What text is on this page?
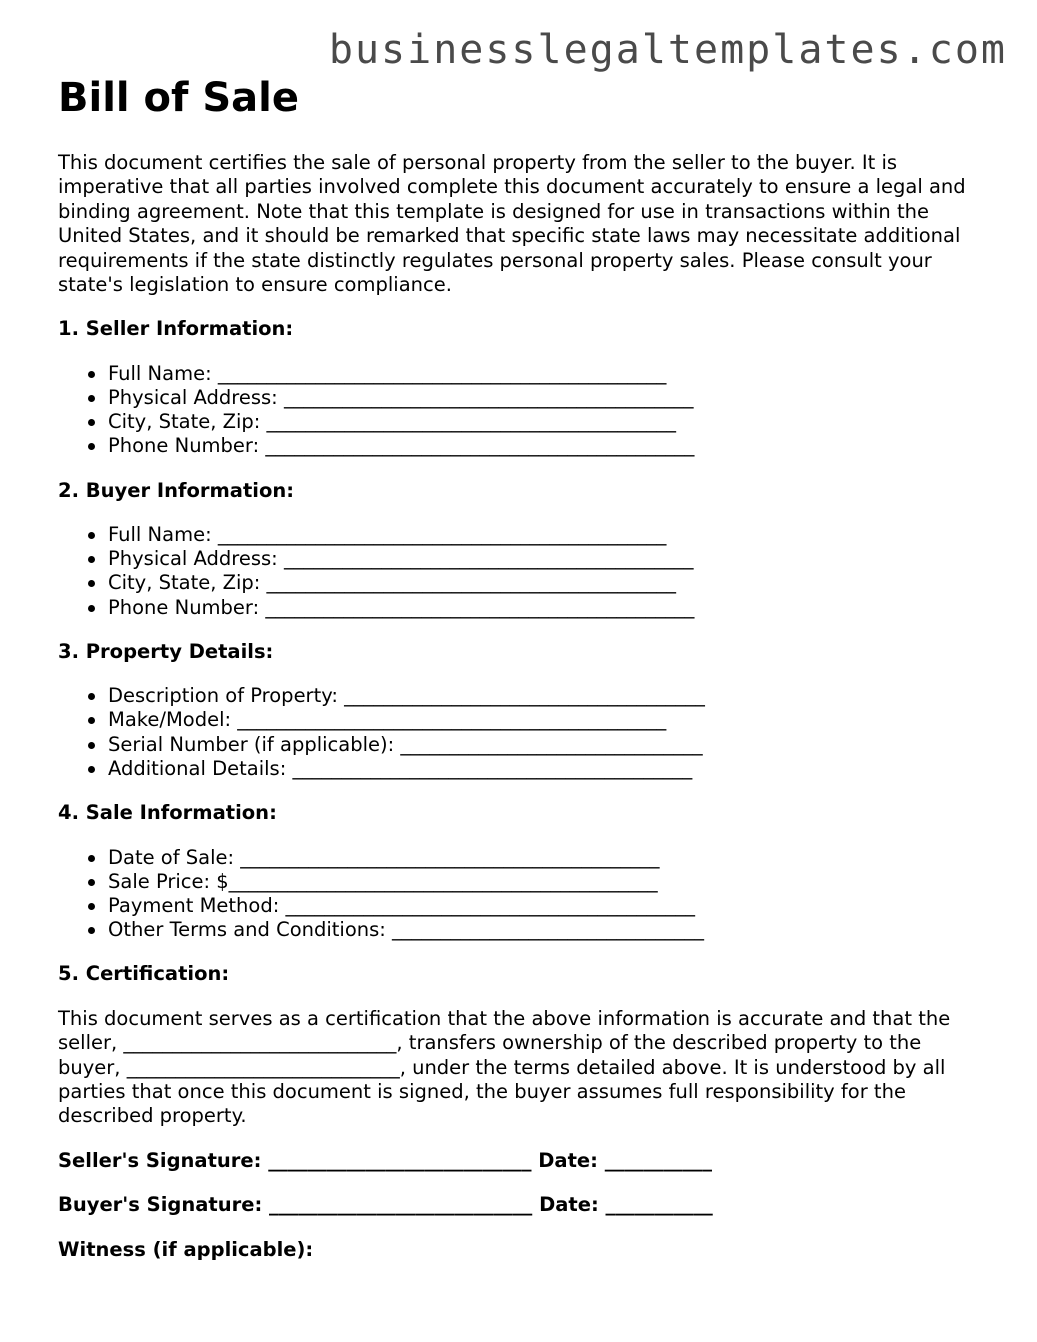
businesslegaltemplates.com
Bill of Sale

This document certifies the sale of personal property from the seller to the buyer. It is imperative that all parties involved complete this document accurately to ensure a legal and binding agreement. Note that this template is designed for use in transactions within the United States, and it should be remarked that specific state laws may necessitate additional requirements if the state distinctly regulates personal property sales. Please consult your state's legislation to ensure compliance.

1. Seller Information:
Full Name: ______________________________________________
Physical Address: __________________________________________
City, State, Zip: __________________________________________
Phone Number: ____________________________________________
2. Buyer Information:
Full Name: ______________________________________________
Physical Address: __________________________________________
City, State, Zip: __________________________________________
Phone Number: ____________________________________________
3. Property Details:
Description of Property: _____________________________________
Make/Model: ____________________________________________
Serial Number (if applicable): _______________________________
Additional Details: _________________________________________
4. Sale Information:
Date of Sale: ___________________________________________
Sale Price: $____________________________________________
Payment Method: __________________________________________
Other Terms and Conditions: ________________________________
5. Certification:

This document serves as a certification that the above information is accurate and that the seller, ____________________________, transfers ownership of the described property to the buyer, ____________________________, under the terms detailed above. It is understood by all parties that once this document is signed, the buyer assumes full responsibility for the described property.

Seller's Signature: ___________________________ Date: ___________
Buyer's Signature: ___________________________ Date: ___________
Witness (if applicable):
